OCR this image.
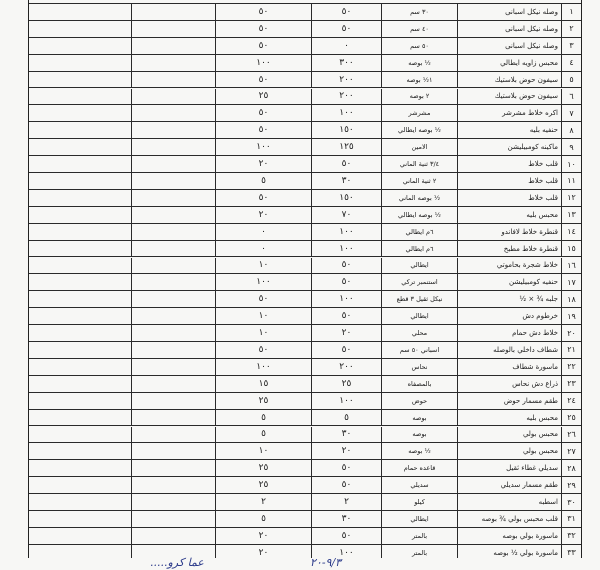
٥٠	٥٠	٣٠ سم	وصله نيكل اسبانى	١
٥٠	٥٠	٤٠ سم	وصله نيكل اسبانى	٢
٥٠	٠	٥٠ سم	وصله نيكل اسبانى	٣
١٠٠	٣٠٠	½ بوصه	محبس زاويه ايطالي	٤
٥٠	٢٠٠	١½ بوصه	سيفون حوض بلاستيك	٥
٢٥	٢٠٠	٢ بوصه	سيفون حوض بلاستيك	٦
٥٠	١٠٠	مشرشر	اكره خلاط مشرشر	٧
٥٠	١٥٠	½ بوصه ايطالي	حنفيه بليه	٨
١٠٠	١٢٥	الامين	ماكينه كومبيليشن	٩
٢٠	٥٠	٣/٤ ثنية الماني	قلب خلاط	١٠
٥	٣٠	٢ ثنية الماني	قلب خلاط	١١
٥٠	١٥٠	½ بوصه الماني	قلب خلاط	١٢
٢٠	٧٠	½ بوصه ايطالي	محبس بليه	١٣
٠	١٠٠	٦م ايطالي	قنطرة خلاط لافاندو	١٤
٠	١٠٠	٦م ايطالي	قنطرة خلاط مطبخ	١٥
١٠	٥٠	ايطالي	خلاط شجرة بحاموتي	١٦
١٠٠	٥٠	استنمبر تركي	حنفيه كومبيليشن	١٧
٥٠	١٠٠	نيكل ثقيل ٣ قطع	جلبه ¾ × ½	١٨
١٠	٥٠	ايطالي	خرطوم دش	١٩
١٠	٢٠	محلي	خلاط دش حمام	٢٠
٥٠	٥٠	اسباني ٥٠ سم	شطاف داخلي بالوصله	٢١
١٠٠	٢٠٠	نحاس	ماسورة شطاف	٢٢
١٥	٢٥	بالمصفاه	ذراع دش نحاس	٢٣
٢٥	١٠٠	حوض	طقم مسمار حوض	٢٤
٥	٥	بوصه	محبس بليه	٢٥
٥	٣٠	بوصه	محبس بولي	٢٦
١٠	٢٠	½ بوصه	محبس بولي	٢٧
٢٥	٥٠	قاعده حمام	سديلي غطاء ثقيل	٢٨
٢٥	٥٠	سديلي	طقم مسمار سديلي	٢٩
٢	٢	كيلو	اسطبه	٣٠
٥	٣٠	ايطالي	قلب محبس بولي ¾ بوصه	٣١
٢٠	٥٠	بالمتر	ماسورة بولي بوصه	٣٢
٢٠	١٠٠	بالمتر	ماسورة بولي ½ بوصه	٣٣
٩/٣-٢٠
عما كرو.....
